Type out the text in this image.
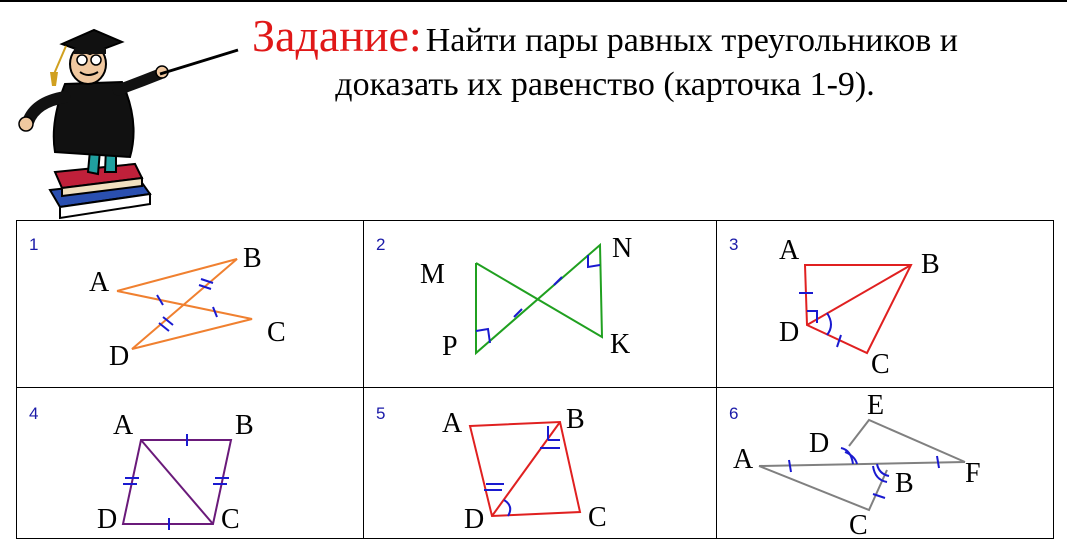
Задание: Найти пары равных треугольников и
доказать их равенство (карточка 1-9).
1
A
B
C
D
2
M
N
P	K
3 A	B
C
D
4	A	B
C
D
5 A	B
C
D
6
A
B
C
D
E
F
